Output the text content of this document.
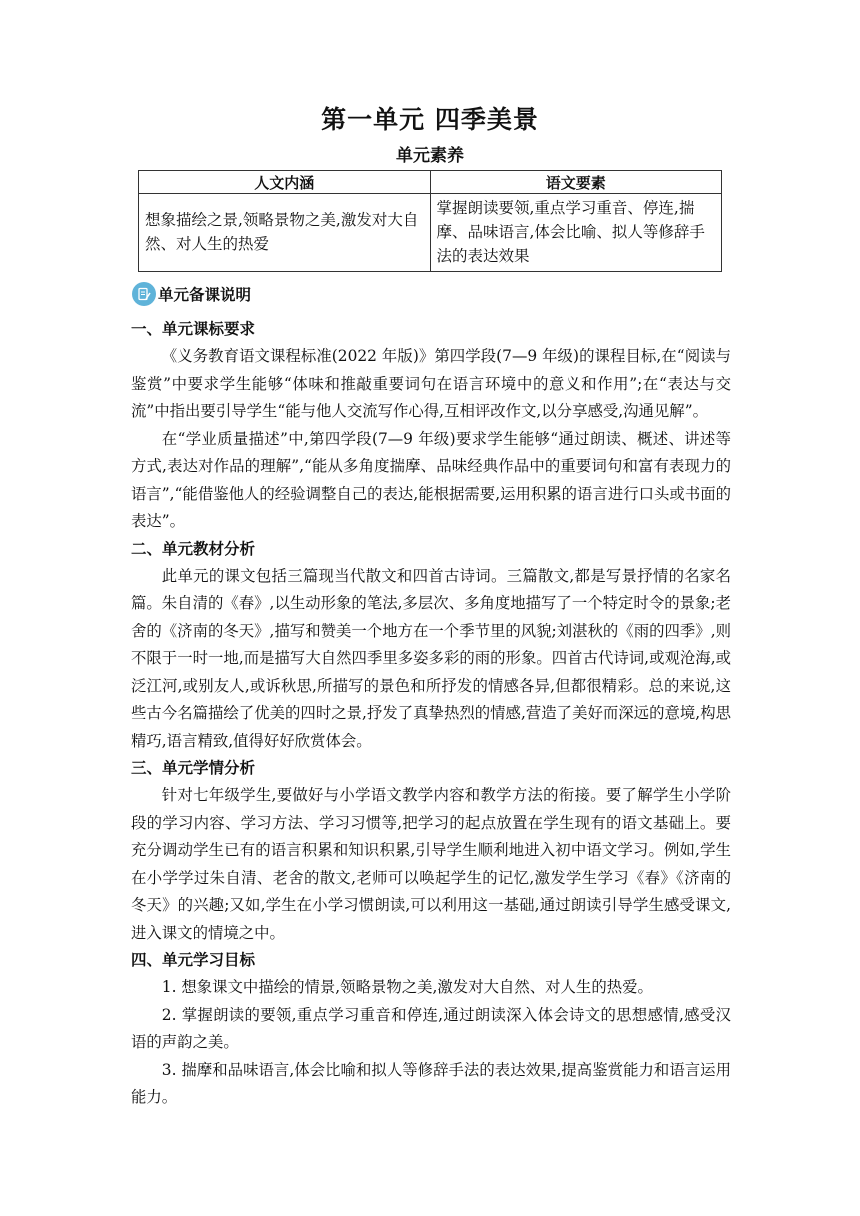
第一单元 四季美景
单元素养
人文内涵	语文要素
想象描绘之景,领略景物之美,激发对大自然、对人生的热爱	掌握朗读要领,重点学习重音、停连,揣摩、品味语言,体会比喻、拟人等修辞手法的表达效果
单元备课说明
一、单元课标要求

《义务教育语文课程标准(2022 年版)》第四学段(7—9 年级)的课程目标,在“阅读与鉴赏”中要求学生能够“体味和推敲重要词句在语言环境中的意义和作用”;在“表达与交流”中指出要引导学生“能与他人交流写作心得,互相评改作文,以分享感受,沟通见解”。

在“学业质量描述”中,第四学段(7—9 年级)要求学生能够“通过朗读、概述、讲述等方式,表达对作品的理解”,“能从多角度揣摩、品味经典作品中的重要词句和富有表现力的语言”,“能借鉴他人的经验调整自己的表达,能根据需要,运用积累的语言进行口头或书面的表达”。

二、单元教材分析

此单元的课文包括三篇现当代散文和四首古诗词。三篇散文,都是写景抒情的名家名篇。朱自清的《春》,以生动形象的笔法,多层次、多角度地描写了一个特定时令的景象;老舍的《济南的冬天》,描写和赞美一个地方在一个季节里的风貌;刘湛秋的《雨的四季》,则不限于一时一地,而是描写大自然四季里多姿多彩的雨的形象。四首古代诗词,或观沧海,或泛江河,或别友人,或诉秋思,所描写的景色和所抒发的情感各异,但都很精彩。总的来说,这些古今名篇描绘了优美的四时之景,抒发了真挚热烈的情感,营造了美好而深远的意境,构思精巧,语言精致,值得好好欣赏体会。

三、单元学情分析

针对七年级学生,要做好与小学语文教学内容和教学方法的衔接。要了解学生小学阶段的学习内容、学习方法、学习习惯等,把学习的起点放置在学生现有的语文基础上。要充分调动学生已有的语言积累和知识积累,引导学生顺利地进入初中语文学习。例如,学生在小学学过朱自清、老舍的散文,老师可以唤起学生的记忆,激发学生学习《春》《济南的冬天》的兴趣;又如,学生在小学习惯朗读,可以利用这一基础,通过朗读引导学生感受课文,进入课文的情境之中。

四、单元学习目标

1. 想象课文中描绘的情景,领略景物之美,激发对大自然、对人生的热爱。

2. 掌握朗读的要领,重点学习重音和停连,通过朗读深入体会诗文的思想感情,感受汉语的声韵之美。

3. 揣摩和品味语言,体会比喻和拟人等修辞手法的表达效果,提高鉴赏能力和语言运用能力。
